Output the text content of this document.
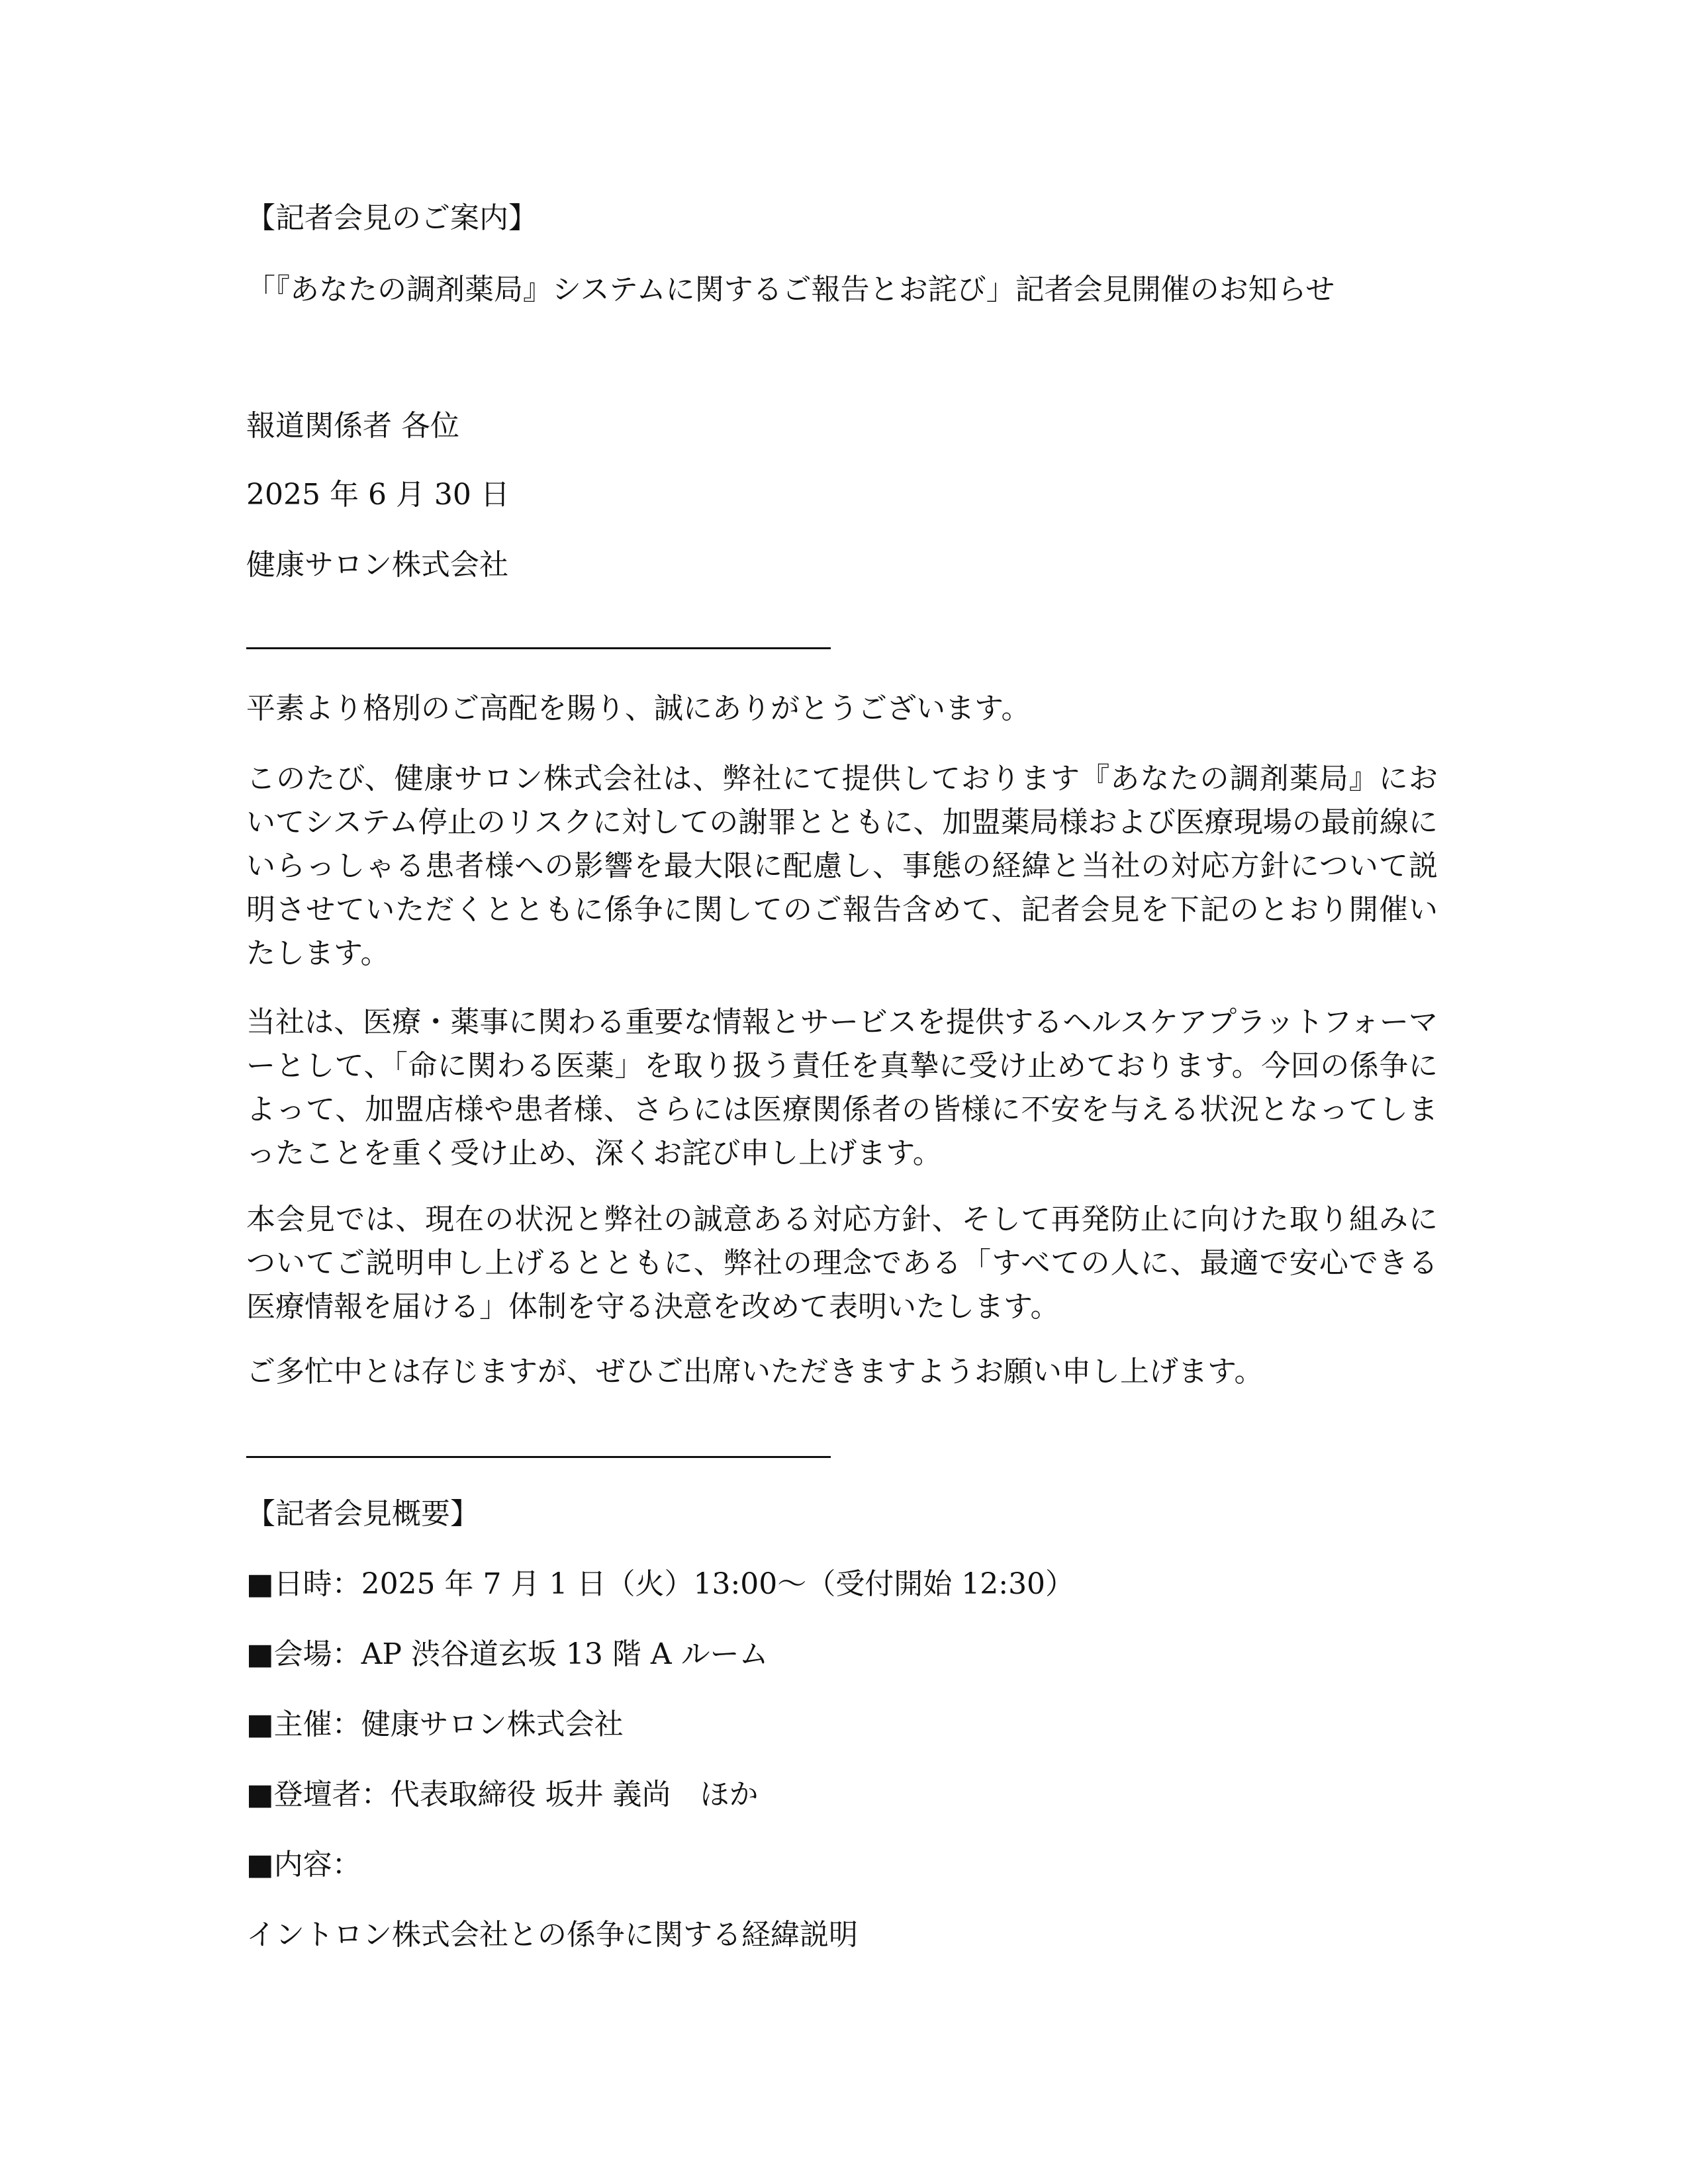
【記者会見のご案内】

「『あなたの調剤薬局』システムに関するご報告とお詫び」記者会見開催のお知らせ

報道関係者 各位

2025 年 6 月 30 日

健康サロン株式会社

平素より格別のご高配を賜り、誠にありがとうございます。

このたび、健康サロン株式会社は、弊社にて提供しております『あなたの調剤薬局』においてシステム停止のリスクに対しての謝罪とともに、加盟薬局様および医療現場の最前線にいらっしゃる患者様への影響を最大限に配慮し、事態の経緯と当社の対応方針について説明させていただくとともに係争に関してのご報告含めて、記者会見を下記のとおり開催いたします。

当社は、医療・薬事に関わる重要な情報とサービスを提供するヘルスケアプラットフォーマーとして、「命に関わる医薬」を取り扱う責任を真摯に受け止めております。今回の係争によって、加盟店様や患者様、さらには医療関係者の皆様に不安を与える状況となってしまったことを重く受け止め、深くお詫び申し上げます。

本会見では、現在の状況と弊社の誠意ある対応方針、そして再発防止に向けた取り組みについてご説明申し上げるとともに、弊社の理念である「すべての人に、最適で安心できる医療情報を届ける」体制を守る決意を改めて表明いたします。

ご多忙中とは存じますが、ぜひご出席いただきますようお願い申し上げます。

【記者会見概要】

■日時：2025 年 7 月 1 日（火）13:00～（受付開始 12:30）

■会場：AP 渋谷道玄坂 13 階 A ルーム

■主催：健康サロン株式会社

■登壇者：代表取締役 坂井 義尚　ほか

■内容：

イントロン株式会社との係争に関する経緯説明
